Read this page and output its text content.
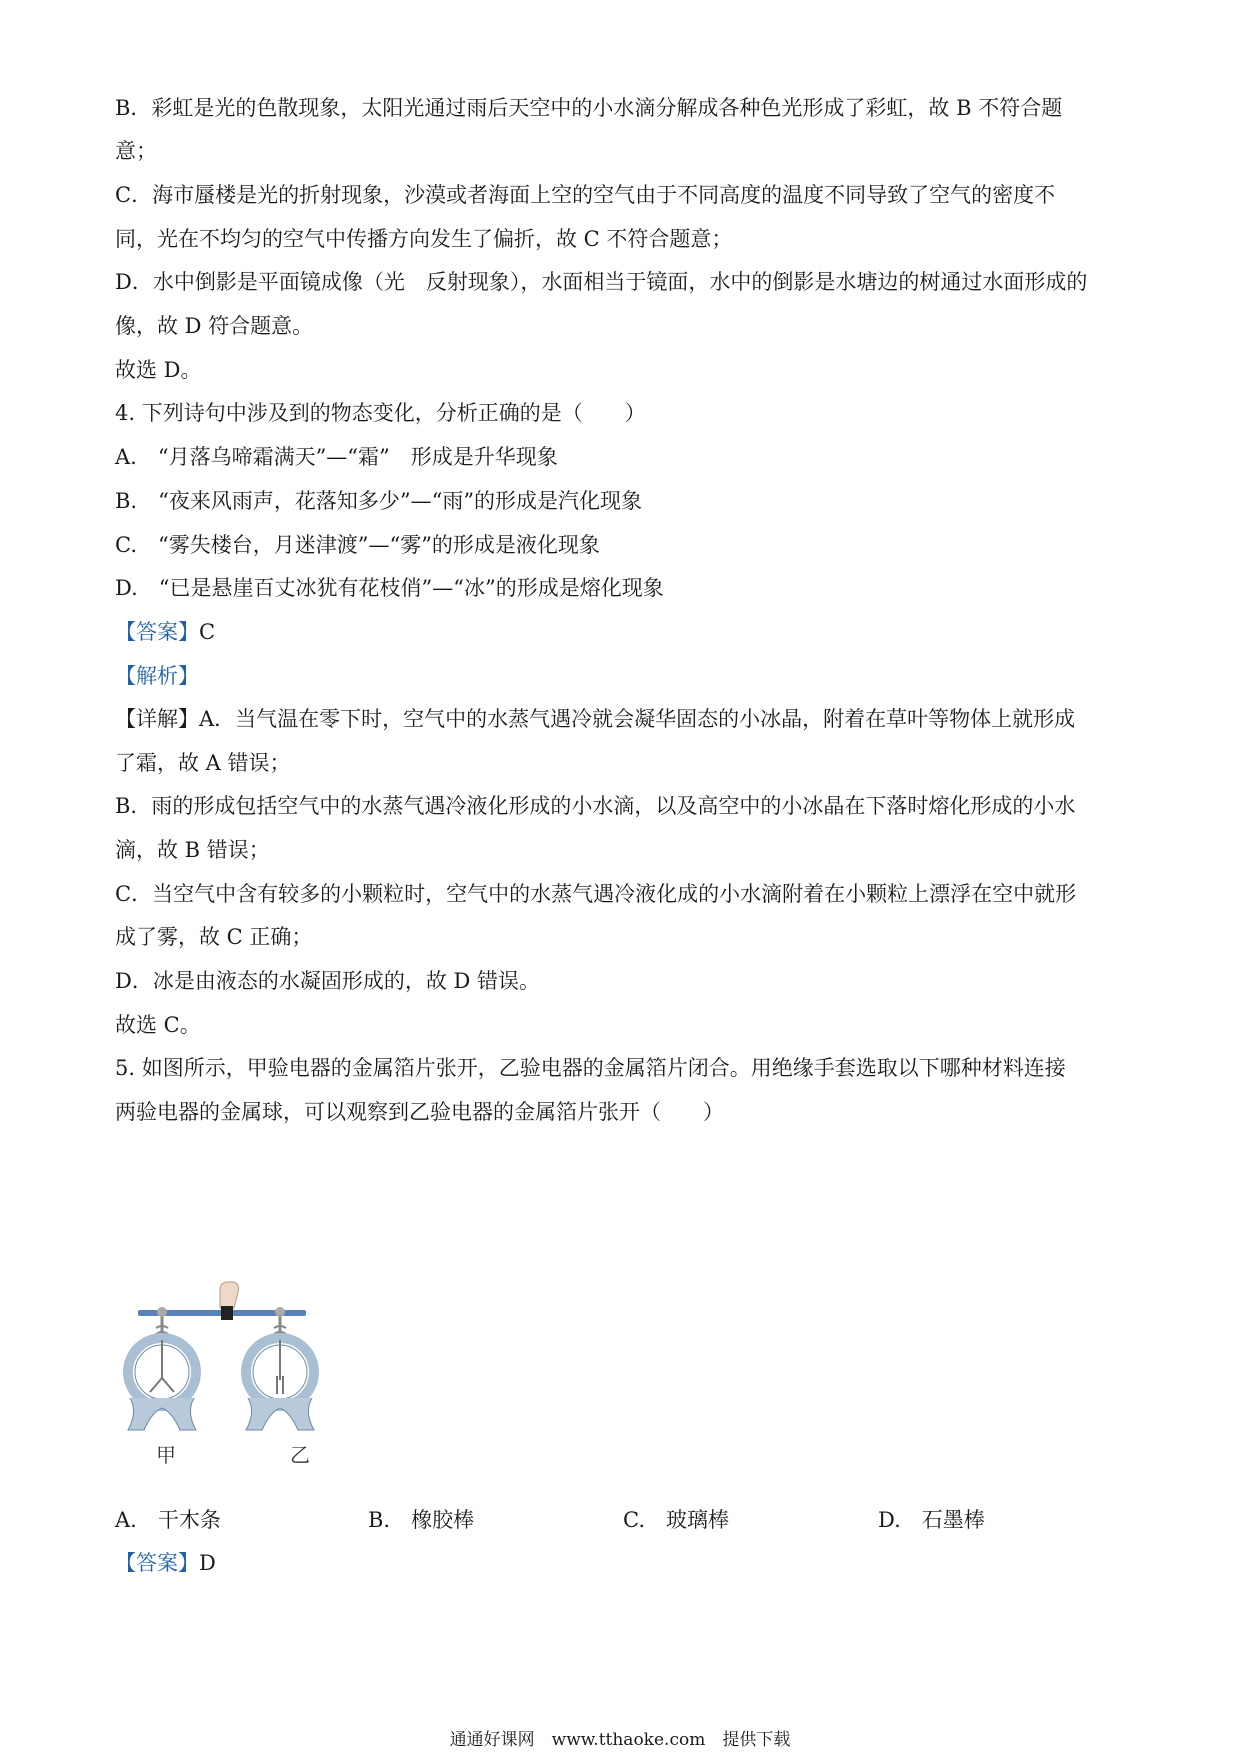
B．彩虹是光的色散现象，太阳光通过雨后天空中的小水滴分解成各种色光形成了彩虹，故 B 不符合题
意；
C．海市蜃楼是光的折射现象，沙漠或者海面上空的空气由于不同高度的温度不同导致了空气的密度不
同，光在不均匀的空气中传播方向发生了偏折，故 C 不符合题意；
D．水中倒影是平面镜成像（光　反射现象），水面相当于镜面，水中的倒影是水塘边的树通过水面形成的
像，故 D 符合题意。
故选 D。
4. 下列诗句中涉及到的物态变化，分析正确的是（　　）
A.　“月落乌啼霜满天”—“霜”　形成是升华现象
B.　“夜来风雨声，花落知多少”—“雨”的形成是汽化现象
C.　“雾失楼台，月迷津渡”—“雾”的形成是液化现象
D.　“已是悬崖百丈冰犹有花枝俏”—“冰”的形成是熔化现象
【答案】C
【解析】
【详解】A．当气温在零下时，空气中的水蒸气遇冷就会凝华固态的小冰晶，附着在草叶等物体上就形成
了霜，故 A 错误；
B．雨的形成包括空气中的水蒸气遇冷液化形成的小水滴，以及高空中的小冰晶在下落时熔化形成的小水
滴，故 B 错误；
C．当空气中含有较多的小颗粒时，空气中的水蒸气遇冷液化成的小水滴附着在小颗粒上漂浮在空中就形
成了雾，故 C 正确；
D．冰是由液态的水凝固形成的，故 D 错误。
故选 C。
5. 如图所示，甲验电器的金属箔片张开，乙验电器的金属箔片闭合。用绝缘手套选取以下哪种材料连接
两验电器的金属球，可以观察到乙验电器的金属箔片张开（　　）
甲	乙
A.　干木条	B.　橡胶棒	C.　玻璃棒	D.　石墨棒
【答案】D
通通好课网　www.tthaoke.com　提供下载
